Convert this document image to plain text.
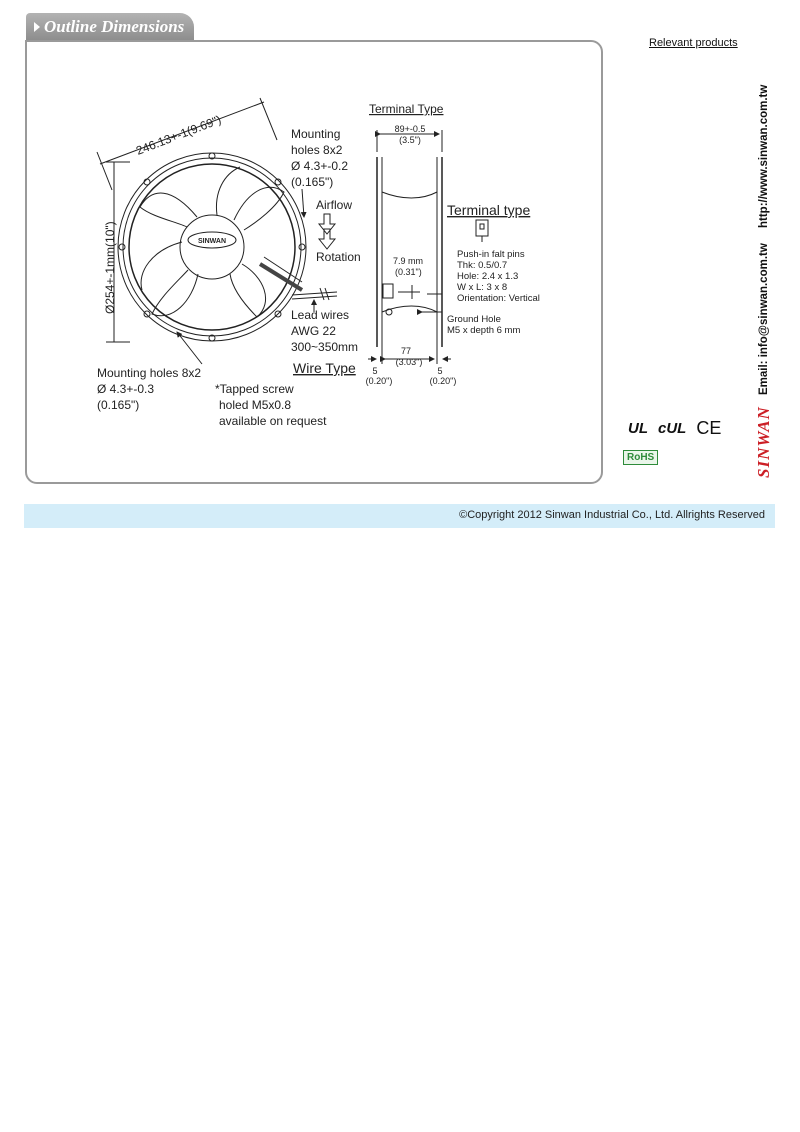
Outline Dimensions
246.13+-1(9.69")
Ø254+-1mm(10")	SINWAN
Mounting
holes 8x2
Ø 4.3+-0.2
(0.165")
Airflow
Rotation
Lead wires
AWG 22
300~350mm
Wire Type
Mounting holes 8x2
Ø 4.3+-0.3
(0.165")
*Tapped screw
holed M5x0.8
available on request
Terminal Type
89+-0.5
(3.5")
7.9 mm
(0.31")
77
(3.03")
5
(0.20")
5
(0.20")
Terminal type
Push-in falt pins
Thk: 0.5/0.7
Hole: 2.4 x 1.3
W x L: 3 x 8
Orientation: Vertical
Ground Hole
M5 x depth 6 mm
Relevant products
http://www.sinwan.com.tw
Email: info@sinwan.com.tw
SINWAN
UL cUL CE
RoHS
©Copyright 2012 Sinwan Industrial Co., Ltd. Allrights Reserved
